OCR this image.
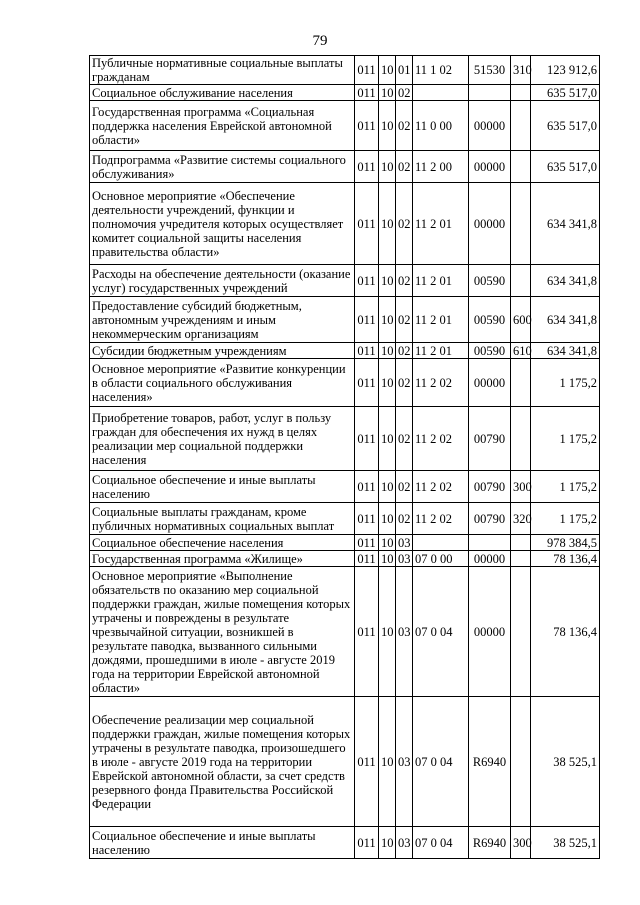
79
Публичные нормативные социальные выплаты гражданам	011	10	01	11 1 02	51530	310	123 912,6
Социальное обслуживание населения	011	10	02				635 517,0
Государственная программа «Социальная поддержка населения Еврейской автономной области»	011	10	02	11 0 00	00000		635 517,0
Подпрограмма «Развитие системы социального обслуживания»	011	10	02	11 2 00	00000		635 517,0
Основное мероприятие «Обеспечение деятельности учреждений, функции и полномочия учредителя которых осуществляет комитет социальной защиты населения правительства области»	011	10	02	11 2 01	00000		634 341,8
Расходы на обеспечение деятельности (оказание услуг) государственных учреждений	011	10	02	11 2 01	00590		634 341,8
Предоставление субсидий бюджетным, автономным учреждениям и иным некоммерческим организациям	011	10	02	11 2 01	00590	600	634 341,8
Субсидии бюджетным учреждениям	011	10	02	11 2 01	00590	610	634 341,8
Основное мероприятие «Развитие конкуренции в области социального обслуживания населения»	011	10	02	11 2 02	00000		1 175,2
Приобретение товаров, работ, услуг в пользу граждан для обеспечения их нужд в целях реализации мер социальной поддержки населения	011	10	02	11 2 02	00790		1 175,2
Социальное обеспечение и иные выплаты населению	011	10	02	11 2 02	00790	300	1 175,2
Социальные выплаты гражданам, кроме публичных нормативных социальных выплат	011	10	02	11 2 02	00790	320	1 175,2
Социальное обеспечение населения	011	10	03				978 384,5
Государственная программа «Жилище»	011	10	03	07 0 00	00000		78 136,4
Основное мероприятие «Выполнение обязательств по оказанию мер социальной поддержки граждан, жилые помещения которых утрачены и повреждены в результате чрезвычайной ситуации, возникшей в результате паводка, вызванного сильными дождями, прошедшими в июле - августе 2019 года на территории Еврейской автономной области»	011	10	03	07 0 04	00000		78 136,4
Обеспечение реализации мер социальной поддержки граждан, жилые помещения которых утрачены в результате паводка, произошедшего в июле - августе 2019 года на территории Еврейской автономной области, за счет средств резервного фонда Правительства Российской Федерации	011	10	03	07 0 04	R6940		38 525,1
Социальное обеспечение и иные выплаты населению	011	10	03	07 0 04	R6940	300	38 525,1
